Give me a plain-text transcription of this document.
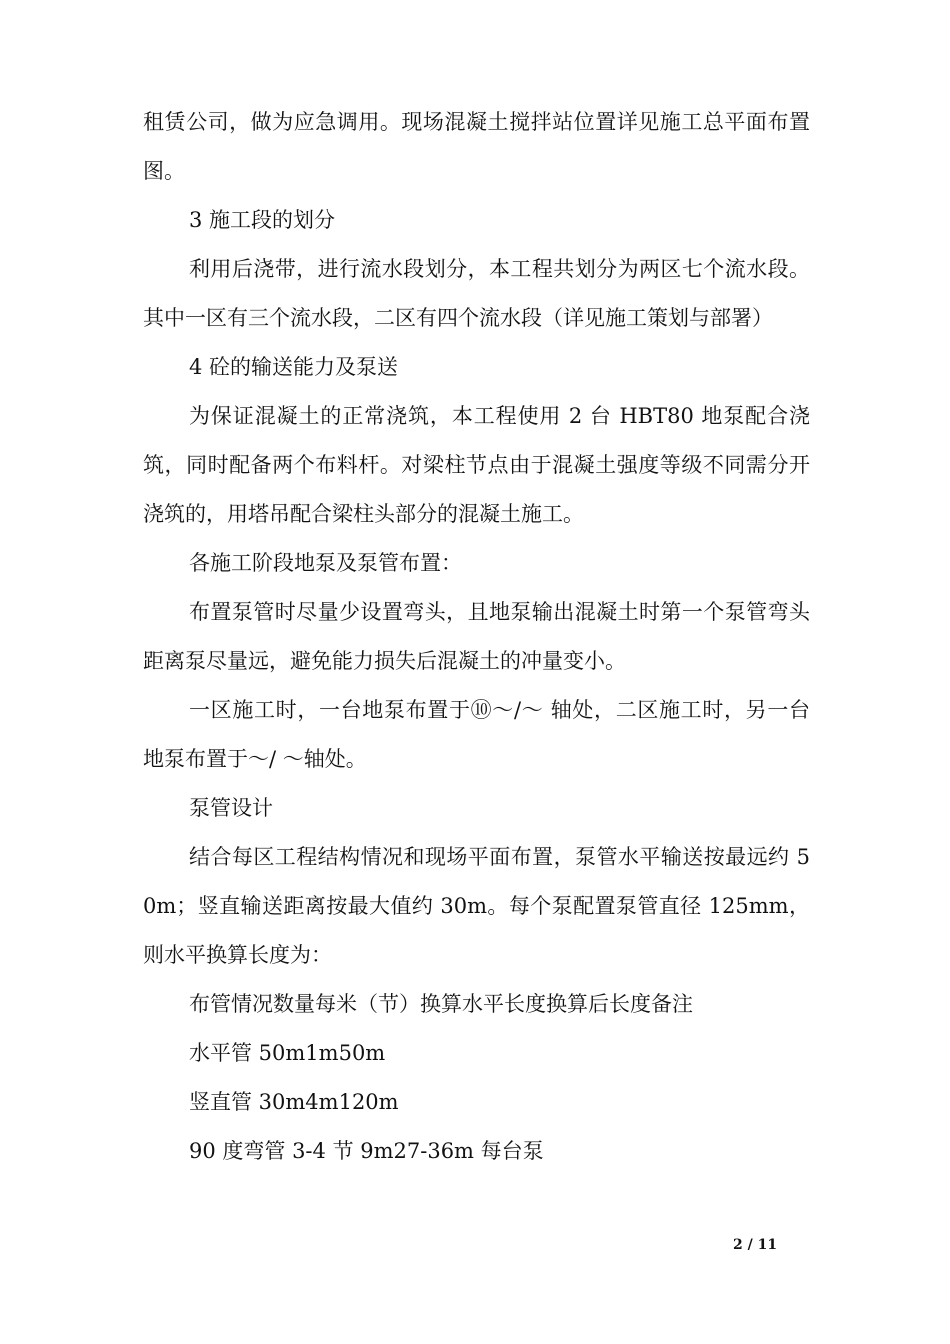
租赁公司，做为应急调用。现场混凝土搅拌站位置详见施工总平面布置图。

3 施工段的划分

利用后浇带，进行流水段划分，本工程共划分为两区七个流水段。其中一区有三个流水段，二区有四个流水段（详见施工策划与部署）

4 砼的输送能力及泵送

为保证混凝土的正常浇筑，本工程使用 2 台 HBT80 地泵配合浇筑，同时配备两个布料杆。对梁柱节点由于混凝土强度等级不同需分开浇筑的，用塔吊配合梁柱头部分的混凝土施工。

各施工阶段地泵及泵管布置：

布置泵管时尽量少设置弯头，且地泵输出混凝土时第一个泵管弯头距离泵尽量远，避免能力损失后混凝土的冲量变小。

一区施工时，一台地泵布置于⑩～/～ 轴处，二区施工时，另一台地泵布置于～/ ～轴处。

泵管设计

结合每区工程结构情况和现场平面布置，泵管水平输送按最远约 50m；竖直输送距离按最大值约 30m。每个泵配置泵管直径 125mm，则水平换算长度为：

布管情况数量每米（节）换算水平长度换算后长度备注

水平管 50m1m50m

竖直管 30m4m120m

90 度弯管 3-4 节 9m27-36m 每台泵

2 / 11
